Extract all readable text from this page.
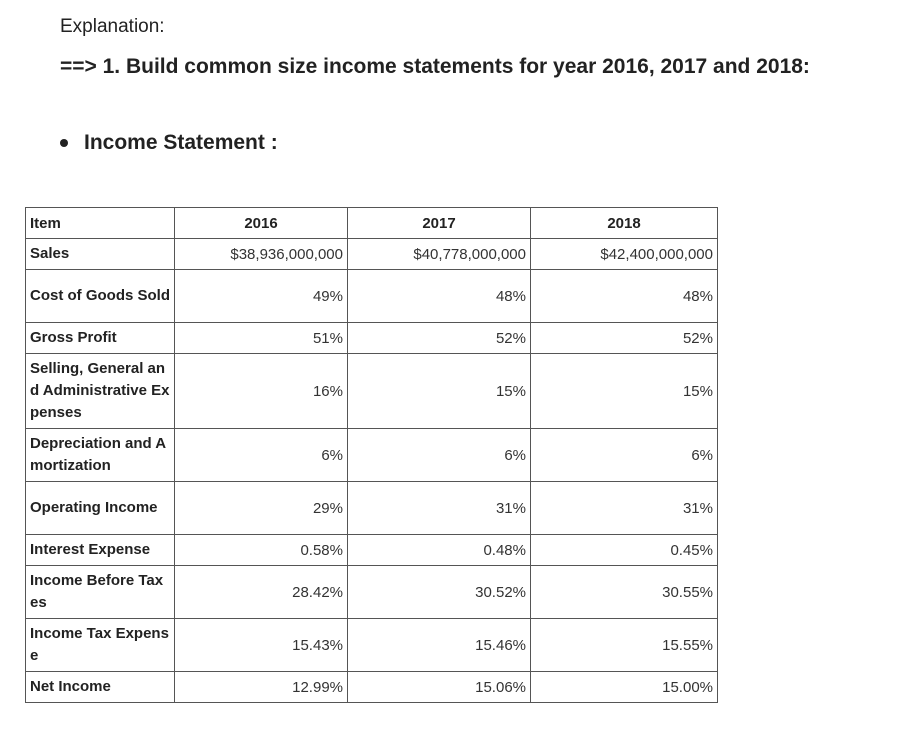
Explanation:

==> 1. Build common size income statements for year 2016, 2017 and 2018:

Income Statement :
Item	2016	2017	2018
Sales	$38,936,000,000	$40,778,000,000	$42,400,000,000
Cost of Goods Sold	49%	48%	48%
Gross Profit	51%	52%	52%
Selling, General and Administrative Expenses	16%	15%	15%
Depreciation and Amortization	6%	6%	6%
Operating Income	29%	31%	31%
Interest Expense	0.58%	0.48%	0.45%
Income Before Taxes	28.42%	30.52%	30.55%
Income Tax Expense	15.43%	15.46%	15.55%
Net Income	12.99%	15.06%	15.00%
